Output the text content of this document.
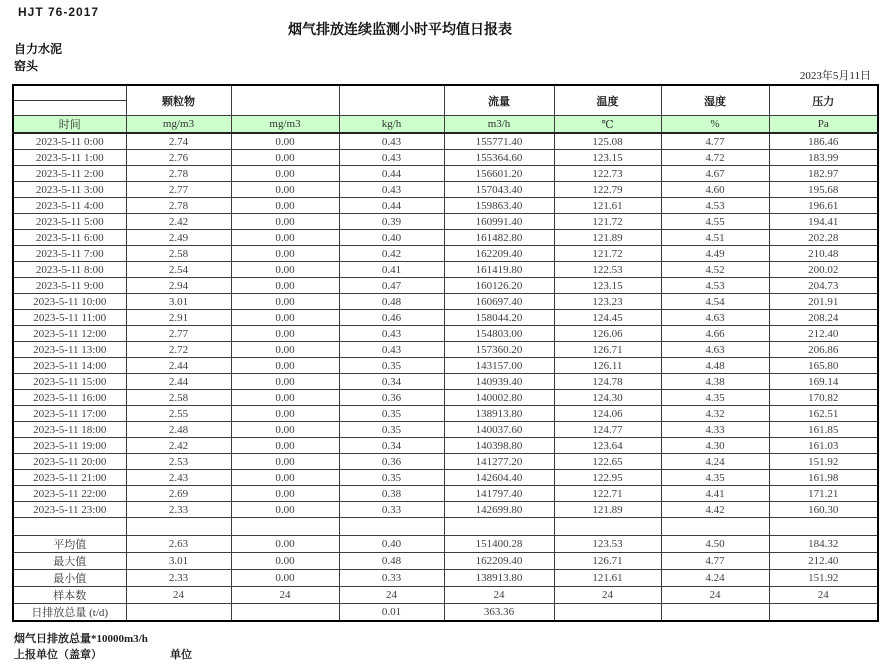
HJT 76-2017
烟气排放连续监测小时平均值日报表
自力水泥
窑头
2023年5月11日
	颗粒物			流量	温度	湿度	压力

时间	mg/m3	mg/m3	kg/h	m3/h	℃	%	Pa
2023-5-11 0:00	2.74	0.00	0.43	155771.40	125.08	4.77	186.46
2023-5-11 1:00	2.76	0.00	0.43	155364.60	123.15	4.72	183.99
2023-5-11 2:00	2.78	0.00	0.44	156601.20	122.73	4.67	182.97
2023-5-11 3:00	2.77	0.00	0.43	157043.40	122.79	4.60	195.68
2023-5-11 4:00	2.78	0.00	0.44	159863.40	121.61	4.53	196.61
2023-5-11 5:00	2.42	0.00	0.39	160991.40	121.72	4.55	194.41
2023-5-11 6:00	2.49	0.00	0.40	161482.80	121.89	4.51	202.28
2023-5-11 7:00	2.58	0.00	0.42	162209.40	121.72	4.49	210.48
2023-5-11 8:00	2.54	0.00	0.41	161419.80	122.53	4.52	200.02
2023-5-11 9:00	2.94	0.00	0.47	160126.20	123.15	4.53	204.73
2023-5-11 10:00	3.01	0.00	0.48	160697.40	123.23	4.54	201.91
2023-5-11 11:00	2.91	0.00	0.46	158044.20	124.45	4.63	208.24
2023-5-11 12:00	2.77	0.00	0.43	154803.00	126.06	4.66	212.40
2023-5-11 13:00	2.72	0.00	0.43	157360.20	126.71	4.63	206.86
2023-5-11 14:00	2.44	0.00	0.35	143157.00	126.11	4.48	165.80
2023-5-11 15:00	2.44	0.00	0.34	140939.40	124.78	4.38	169.14
2023-5-11 16:00	2.58	0.00	0.36	140002.80	124.30	4.35	170.82
2023-5-11 17:00	2.55	0.00	0.35	138913.80	124.06	4.32	162.51
2023-5-11 18:00	2.48	0.00	0.35	140037.60	124.77	4.33	161.85
2023-5-11 19:00	2.42	0.00	0.34	140398.80	123.64	4.30	161.03
2023-5-11 20:00	2.53	0.00	0.36	141277.20	122.65	4.24	151.92
2023-5-11 21:00	2.43	0.00	0.35	142604.40	122.95	4.35	161.98
2023-5-11 22:00	2.69	0.00	0.38	141797.40	122.71	4.41	171.21
2023-5-11 23:00	2.33	0.00	0.33	142699.80	121.89	4.42	160.30

平均值	2.63	0.00	0.40	151400.28	123.53	4.50	184.32
最大值	3.01	0.00	0.48	162209.40	126.71	4.77	212.40
最小值	2.33	0.00	0.33	138913.80	121.61	4.24	151.92
样本数	24	24	24	24	24	24	24
日排放总量 (t/d)			0.01	363.36			
烟气日排放总量*10000m3/h
上报单位（盖章）	单位
